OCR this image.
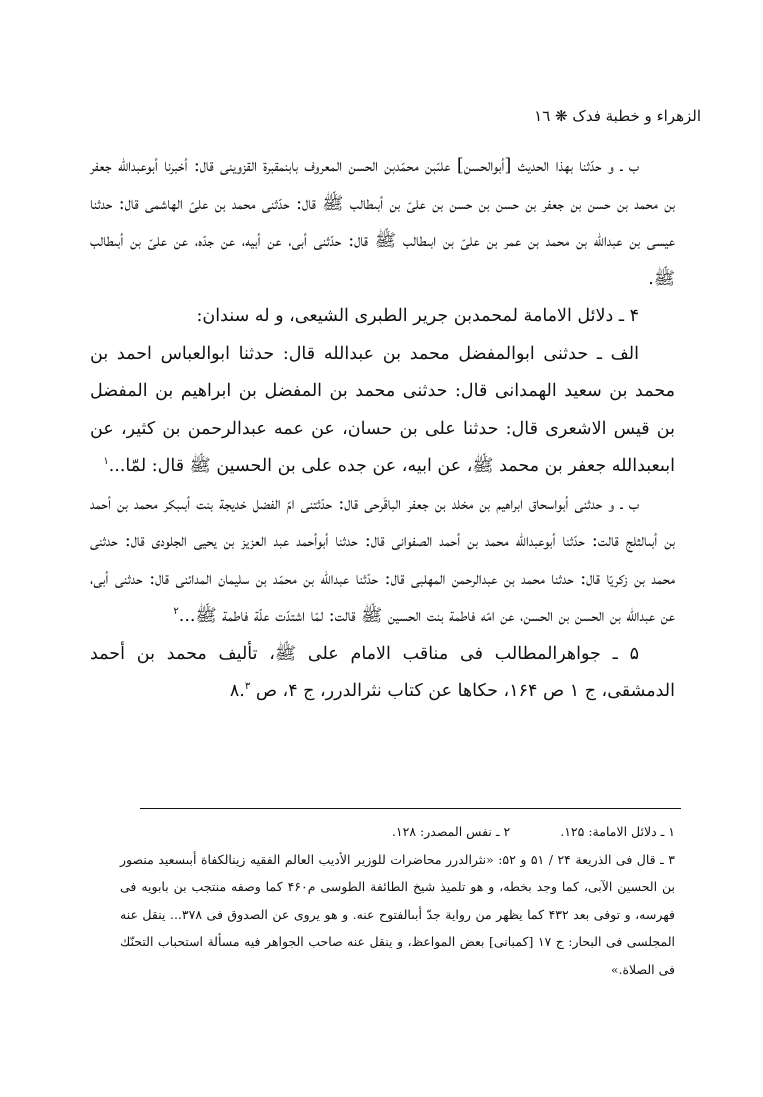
الزهراء و خطبة فدک ❋ ١٦

ب ـ و حدّثنا بهذا الحديث [أبوالحسن] علىّبن محمّدبن الحسن المعروف بابنمقبرة القزوينى قال: أخبرنا أبوعبدالله جعفر بن محمد بن حسن بن جعفر بن حسن بن حسن بن علىّ بن أبىطالب ﷺ قال: حدّثنى محمد بن علىّ الهاشمى قال: حدثنا عيسى بن عبدالله بن محمد بن عمر بن علىّ بن ابىطالب ﷺ قال: حدّثنى أبى، عن أبيه، عن جدّه، عن علىّ بن أبىطالب ﷺ.

۴ ـ دلائل الامامة لمحمدبن جرير الطبرى الشيعى، و له سندان:

الف ـ حدثنى ابوالمفضل محمد بن عبدالله قال: حدثنا ابوالعباس احمد بن محمد بن سعيد الهمدانى قال: حدثنى محمد بن المفضل بن ابراهيم بن المفضل بن قيس الاشعرى قال: حدثنا على بن حسان، عن عمه عبدالرحمن بن كثير، عن ابىعبدالله جعفر بن محمد ﷺ، عن ابيه، عن جده على بن الحسين ﷺ قال: لمّا...$^١$

ب ـ و حدثنى أبواسحاق ابراهيم بن مخلد بن جعفر الباقَرحى قال: حدّثتنى امّ الفضل خديجة بنت أبىبكر محمد بن أحمد بن أبىالثلج قالت: حدّثنا أبوعبدالله محمد بن أحمد الصفوانى قال: حدثنا أبوأحمد عبد العزيز بن يحيى الجلودى قال: حدثنى محمد بن زكريّا قال: حدثنا محمد بن عبدالرحمن المهلبى قال: حدّثنا عبدالله بن محمّد بن سليمان المدائنى قال: حدثنى أبى، عن عبدالله بن الحسن بن الحسن، عن امّه فاطمة بنت الحسين ﷺ قالت: لمّا اشتدّت علّة فاطمة ﷺ...$^٢$

۵ ـ جواهرالمطالب فى مناقب الامام على ﷺ، تأليف محمد بن أحمد الدمشقى، ج ١ ص ١۶۴، حكاها عن كتاب نثرالدرر، ج ۴، ص ٨.$^٣$

١ ـ دلائل الامامة: ١٢۵.٢ ـ نفس المصدر: ١٢٨.

٣ ـ قال فى الذريعة ٢۴ / ۵١ و ۵٢: «نثرالدرر محاضرات للوزير الأديب العالم الفقيه زينالكفاة أبىسعيد منصور بن الحسين الآبى، كما وجد بخطه، و هو تلميذ شيخ الطائفة الطوسى م۴۶٠ كما وصفه منتجب بن بابويه فى فهرسه، و توفى بعد ۴٣٢ كما يظهر من رواية جدّ أبىالفتوح عنه. و هو يروى عن الصدوق فى ٣٧٨... ينقل عنه المجلسى فى البحار: ج ١٧ [كمبانى] بعض المواعظ، و ينقل عنه صاحب الجواهر فيه مسألة استحباب التحنّك فى الصلاة.»
